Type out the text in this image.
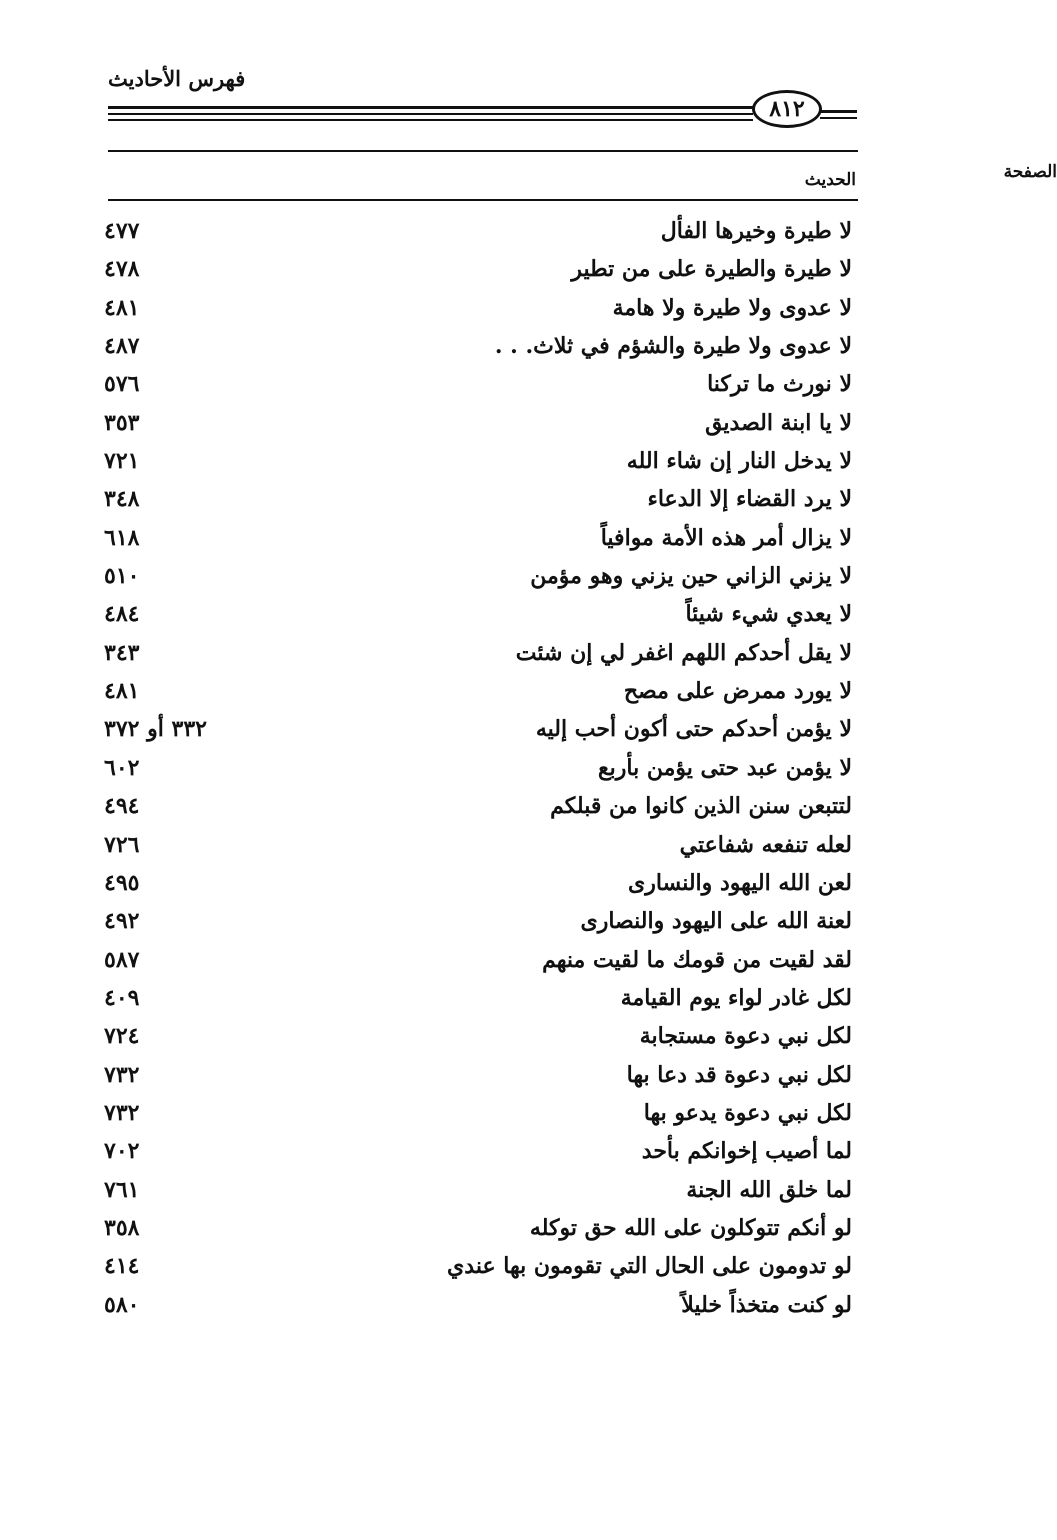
فهرس الأحاديث
٨١٢
الحديث	الصفحة
لا طيرة وخيرها الفأل
٤٧٧
لا طيرة والطيرة على من تطير
٤٧٨
لا عدوى ولا طيرة ولا هامة
٤٨١
لا عدوى ولا طيرة والشؤم في ثلاث. . .
٤٨٧
لا نورث ما تركنا
٥٧٦
لا يا ابنة الصديق
٣٥٣
لا يدخل النار إن شاء الله
٧٢١
لا يرد القضاء إلا الدعاء
٣٤٨
لا يزال أمر هذه الأمة موافياً
٦١٨
لا يزني الزاني حين يزني وهو مؤمن
٥١٠
لا يعدي شيء شيئاً
٤٨٤
لا يقل أحدكم اللهم اغفر لي إن شئت
٣٤٣
لا يورد ممرض على مصح
٤٨١
لا يؤمن أحدكم حتى أكون أحب إليه
٣٣٢ أو ٣٧٢
لا يؤمن عبد حتى يؤمن بأربع
٦٠٢
لتتبعن سنن الذين كانوا من قبلكم
٤٩٤
لعله تنفعه شفاعتي
٧٢٦
لعن الله اليهود والنسارى
٤٩٥
لعنة الله على اليهود والنصارى
٤٩٢
لقد لقيت من قومك ما لقيت منهم
٥٨٧
لكل غادر لواء يوم القيامة
٤٠٩
لكل نبي دعوة مستجابة
٧٢٤
لكل نبي دعوة قد دعا بها
٧٣٢
لكل نبي دعوة يدعو بها
٧٣٢
لما أصيب إخوانكم بأحد
٧٠٢
لما خلق الله الجنة
٧٦١
لو أنكم تتوكلون على الله حق توكله
٣٥٨
لو تدومون على الحال التي تقومون بها عندي
٤١٤
لو كنت متخذاً خليلاً
٥٨٠
